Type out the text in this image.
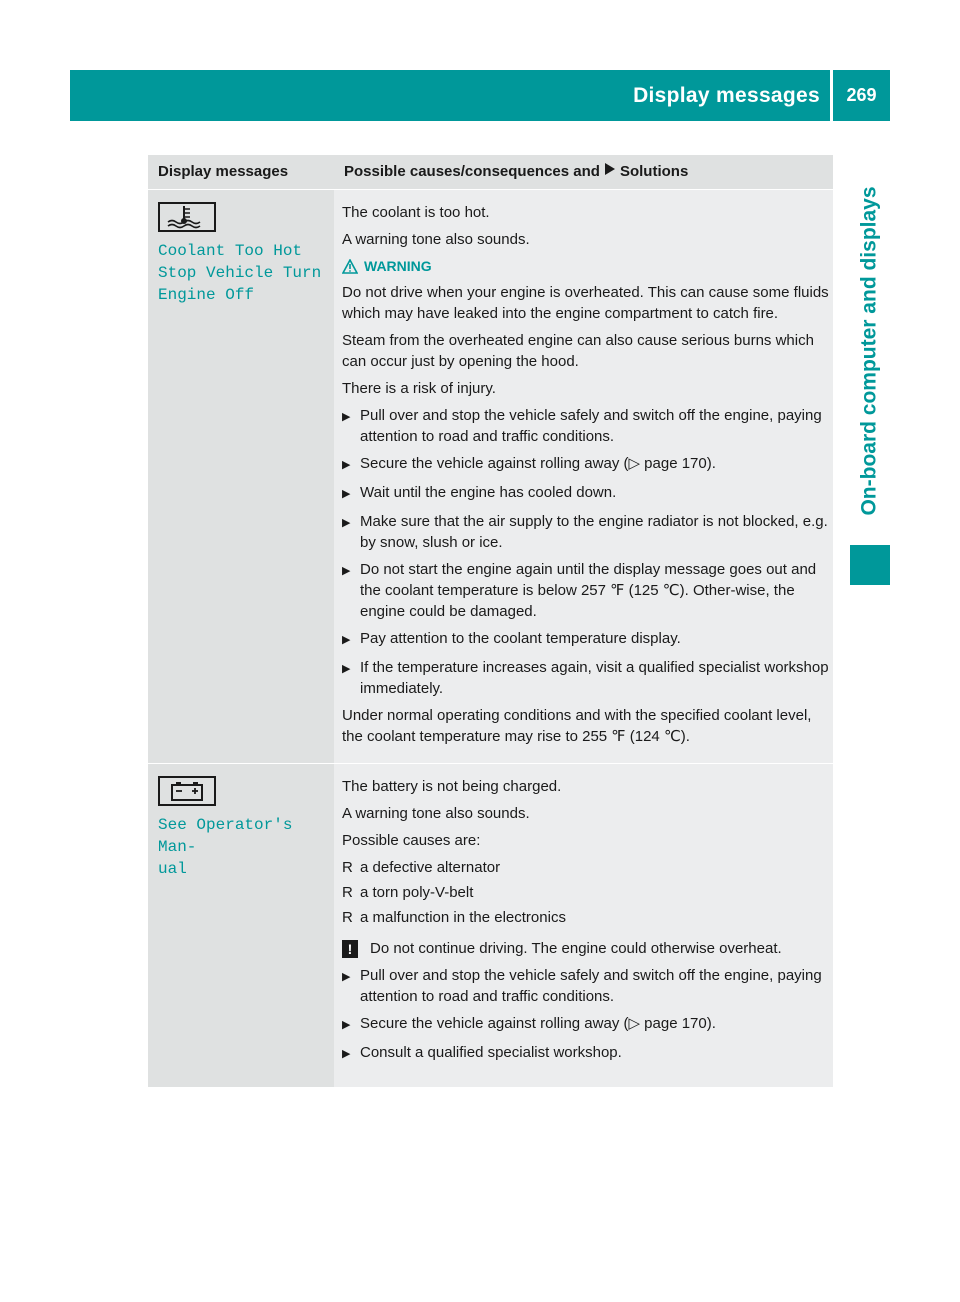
Display messages	269
On-board computer and displays
Display messages	Possible causes/consequences and Solutions
Coolant Too Hot
Stop Vehicle Turn
Engine Off

The coolant is too hot.

A warning tone also sounds.

WARNING

Do not drive when your engine is overheated. This can cause some fluids which may have leaked into the engine compartment to catch fire.

Steam from the overheated engine can also cause serious burns which can occur just by opening the hood.

There is a risk of injury.

▶ Pull over and stop the vehicle safely and switch off the engine, paying attention to road and traffic conditions.
▶ Secure the vehicle against rolling away (▷ page 170).
▶ Wait until the engine has cooled down.
▶ Make sure that the air supply to the engine radiator is not blocked, e.g. by snow, slush or ice.
▶ Do not start the engine again until the display message goes out and the coolant temperature is below 257 ℉ (125 ℃). Other-wise, the engine could be damaged.
▶ Pay attention to the coolant temperature display.
▶ If the temperature increases again, visit a qualified specialist workshop immediately.

Under normal operating conditions and with the specified coolant level, the coolant temperature may rise to 255 ℉ (124 ℃).

See Operator's Man‐
ual

The battery is not being charged.

A warning tone also sounds.

Possible causes are:

R a defective alternator
R a torn poly-V-belt
R a malfunction in the electronics
!	Do not continue driving. The engine could otherwise overheat.
▶ Pull over and stop the vehicle safely and switch off the engine, paying attention to road and traffic conditions.
▶ Secure the vehicle against rolling away (▷ page 170).
▶ Consult a qualified specialist workshop.
